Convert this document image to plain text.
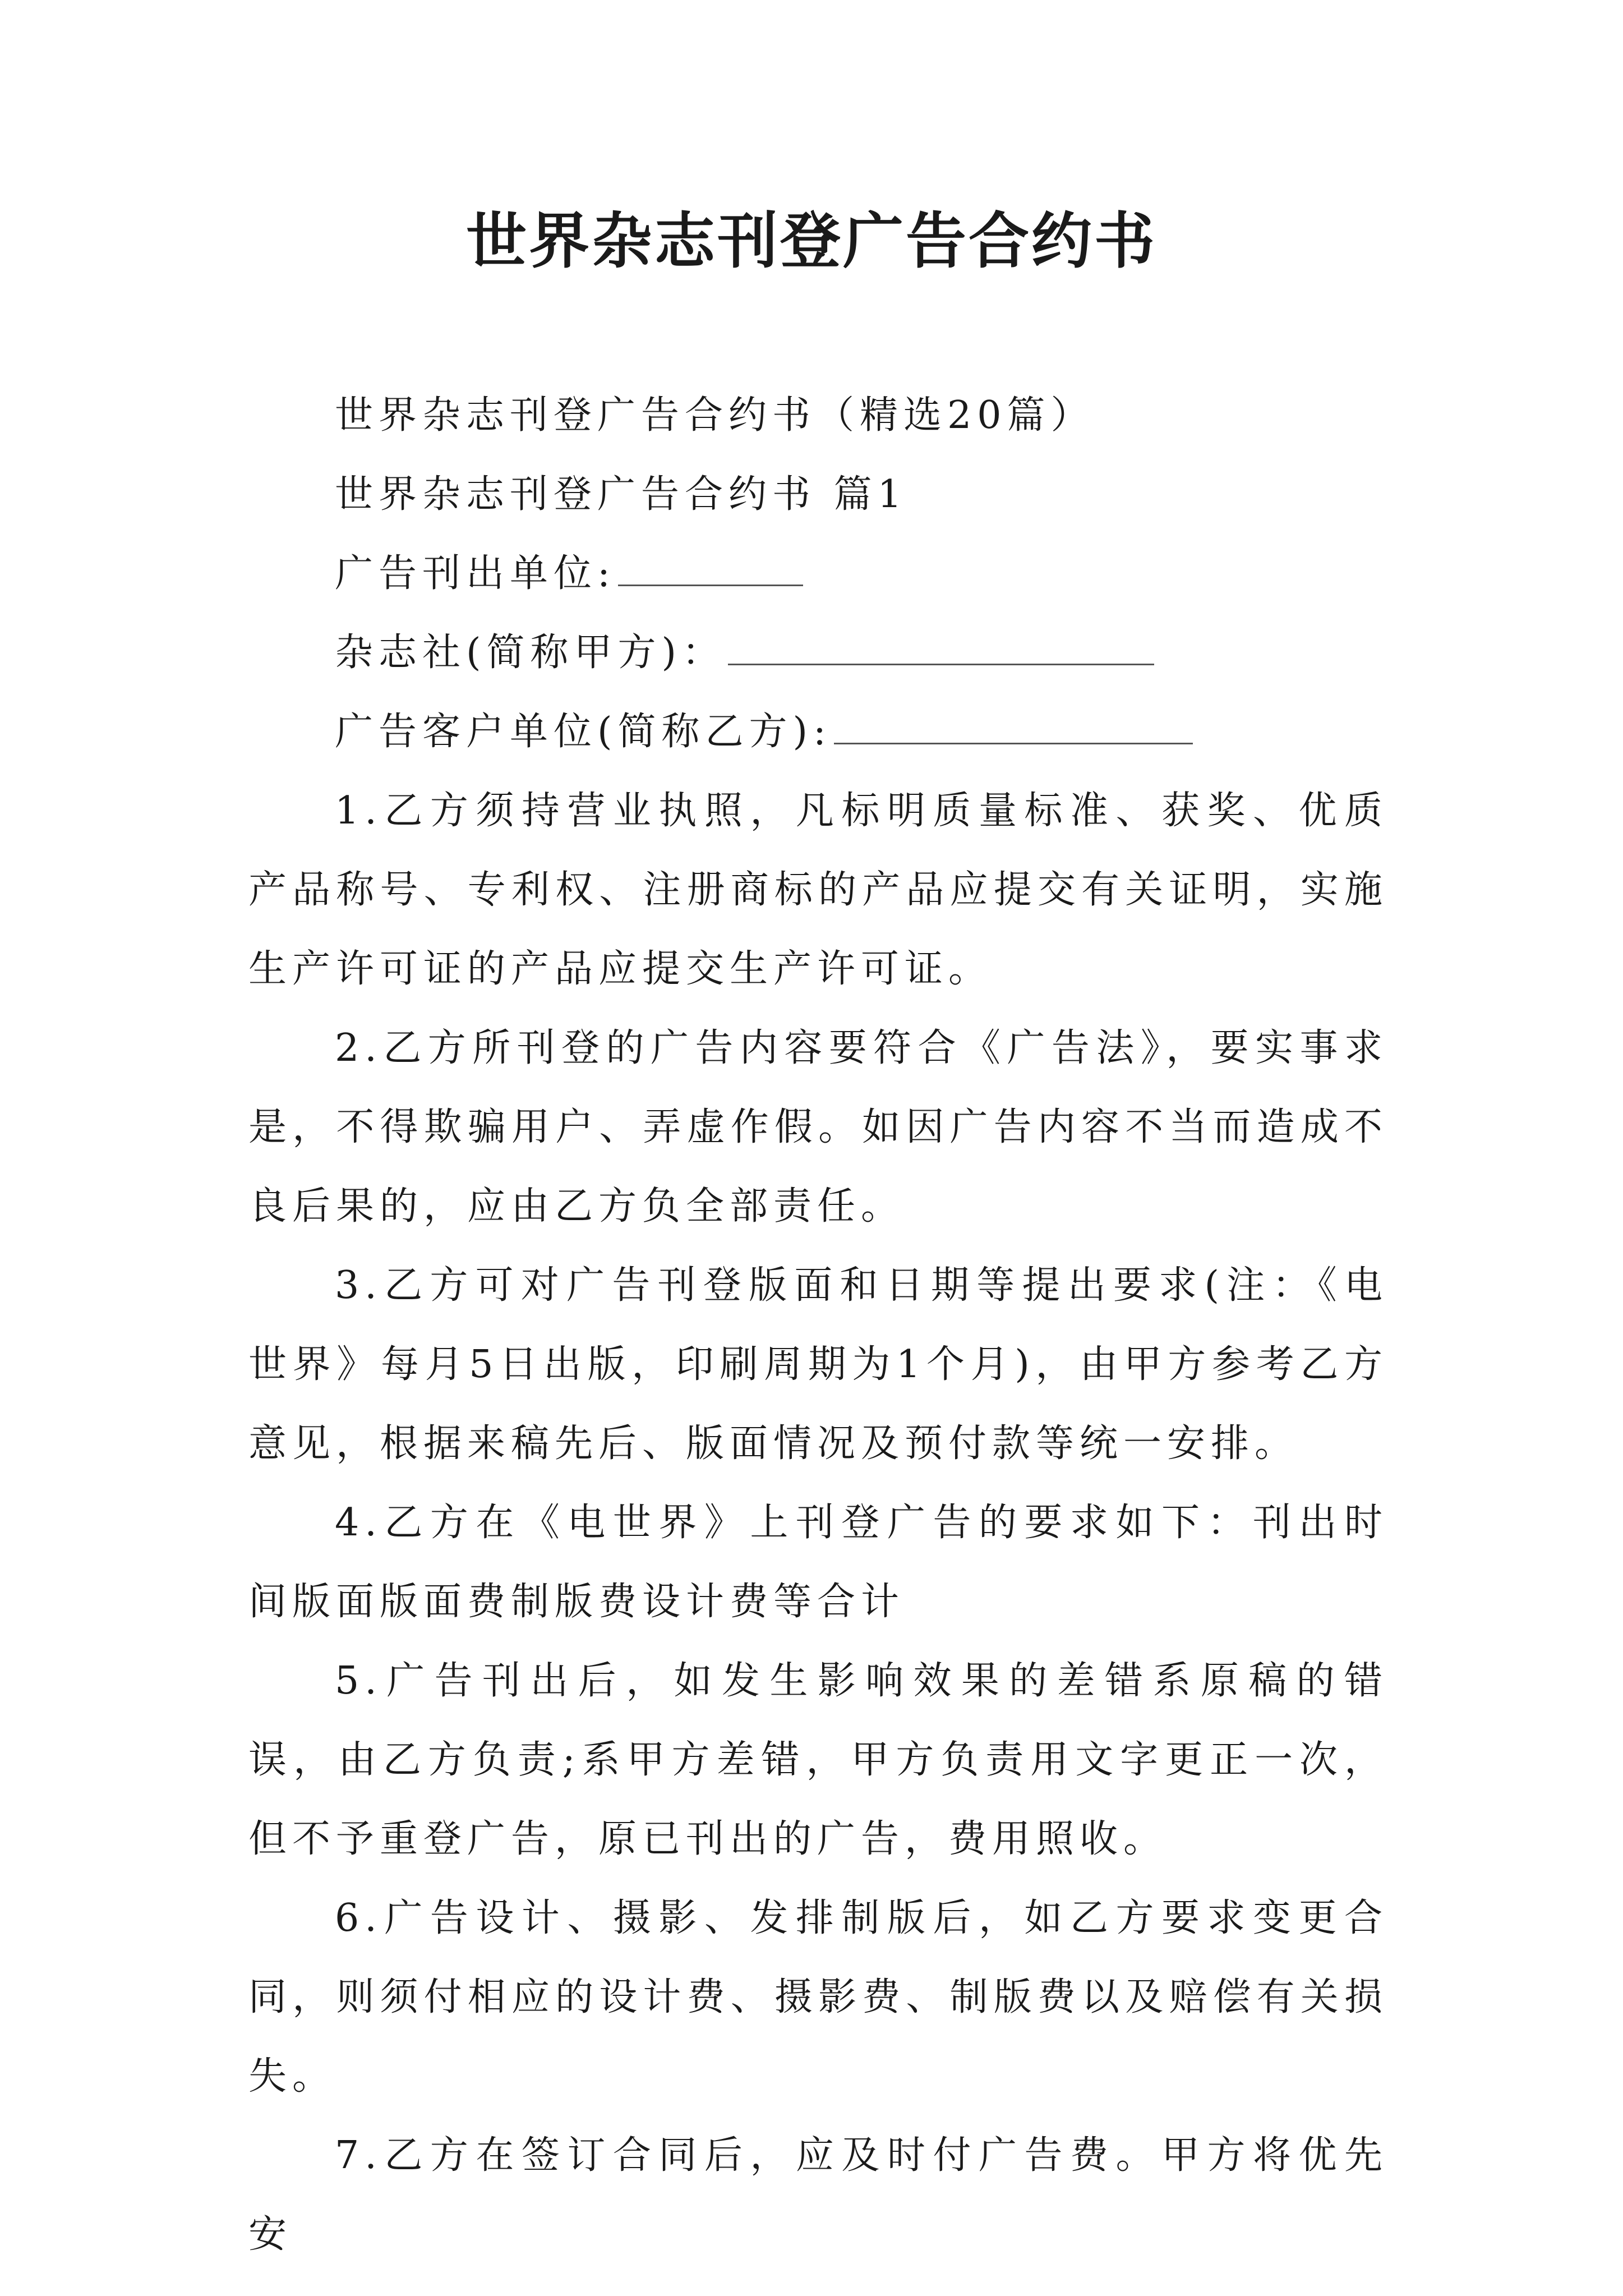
世界杂志刊登广告合约书

世界杂志刊登广告合约书（精选20篇）

世界杂志刊登广告合约书 篇1

广告刊出单位:

杂志社(简称甲方)：

广告客户单位(简称乙方):

1.乙方须持营业执照，凡标明质量标准、获奖、优质产品称号、专利权、注册商标的产品应提交有关证明，实施生产许可证的产品应提交生产许可证。

2.乙方所刊登的广告内容要符合《广告法》，要实事求是，不得欺骗用户、弄虚作假。如因广告内容不当而造成不良后果的，应由乙方负全部责任。

3.乙方可对广告刊登版面和日期等提出要求(注：《电世界》每月5日出版，印刷周期为1个月)，由甲方参考乙方意见，根据来稿先后、版面情况及预付款等统一安排。

4.乙方在《电世界》上刊登广告的要求如下：刊出时间版面版面费制版费设计费等合计

5.广告刊出后，如发生影响效果的差错系原稿的错误，由乙方负责;系甲方差错，甲方负责用文字更正一次，但不予重登广告，原已刊出的广告，费用照收。

6.广告设计、摄影、发排制版后，如乙方要求变更合同，则须付相应的设计费、摄影费、制版费以及赔偿有关损失。

7.乙方在签订合同后，应及时付广告费。甲方将优先安
